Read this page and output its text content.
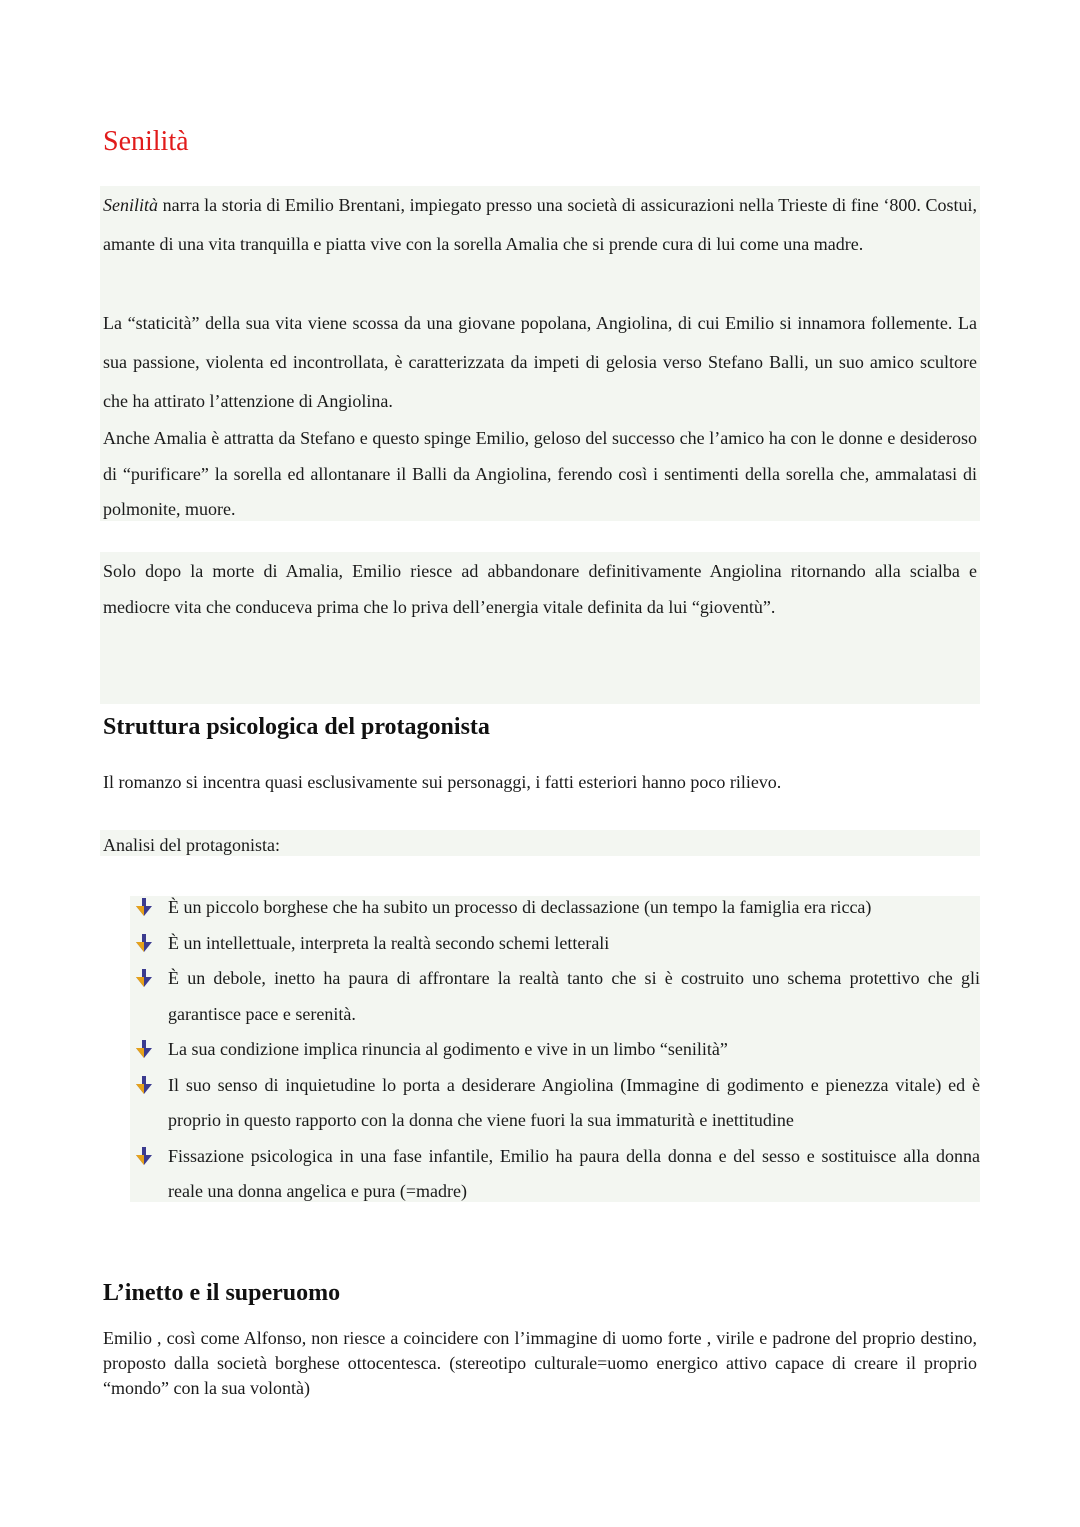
Senilità

Senilità narra la storia di Emilio Brentani, impiegato presso una società di assicurazioni nella Trieste di fine ‘800. Costui, amante di una vita tranquilla e piatta vive con la sorella Amalia che si prende cura di lui come una madre.

La “staticità” della sua vita viene scossa da una giovane popolana, Angiolina, di cui Emilio si innamora follemente. La sua passione, violenta ed incontrollata, è caratterizzata da impeti di gelosia verso Stefano Balli, un suo amico scultore che ha attirato l’attenzione di Angiolina.

Anche Amalia è attratta da Stefano e questo spinge Emilio, geloso del successo che l’amico ha con le donne e desideroso di “purificare” la sorella ed allontanare il Balli da Angiolina, ferendo così i sentimenti della sorella che, ammalatasi di polmonite, muore.

Solo dopo la morte di Amalia, Emilio riesce ad abbandonare definitivamente Angiolina ritornando alla scialba e mediocre vita che conduceva prima che lo priva dell’energia vitale definita da lui “gioventù”.

Struttura psicologica del protagonista

Il romanzo si incentra quasi esclusivamente sui personaggi, i fatti esteriori hanno poco rilievo.

Analisi del protagonista:

È un piccolo borghese che ha subito un processo di declassazione (un tempo la famiglia era ricca)
È un intellettuale, interpreta la realtà secondo schemi letterali
È un debole, inetto ha paura di affrontare la realtà tanto che si è costruito uno schema protettivo che gli garantisce pace e serenità.
La sua condizione implica rinuncia al godimento e vive in un limbo “senilità”
Il suo senso di inquietudine lo porta a desiderare Angiolina (Immagine di godimento e pienezza vitale) ed è proprio in questo rapporto con la donna che viene fuori la sua immaturità e inettitudine
Fissazione psicologica in una fase infantile, Emilio ha paura della donna e del sesso e sostituisce alla donna reale una donna angelica e pura (=madre)
L’inetto e il superuomo

Emilio , così come Alfonso, non riesce a coincidere con l’immagine di uomo forte , virile e padrone del proprio destino, proposto dalla società borghese ottocentesca. (stereotipo culturale=uomo energico attivo capace di creare il proprio “mondo” con la sua volontà)
